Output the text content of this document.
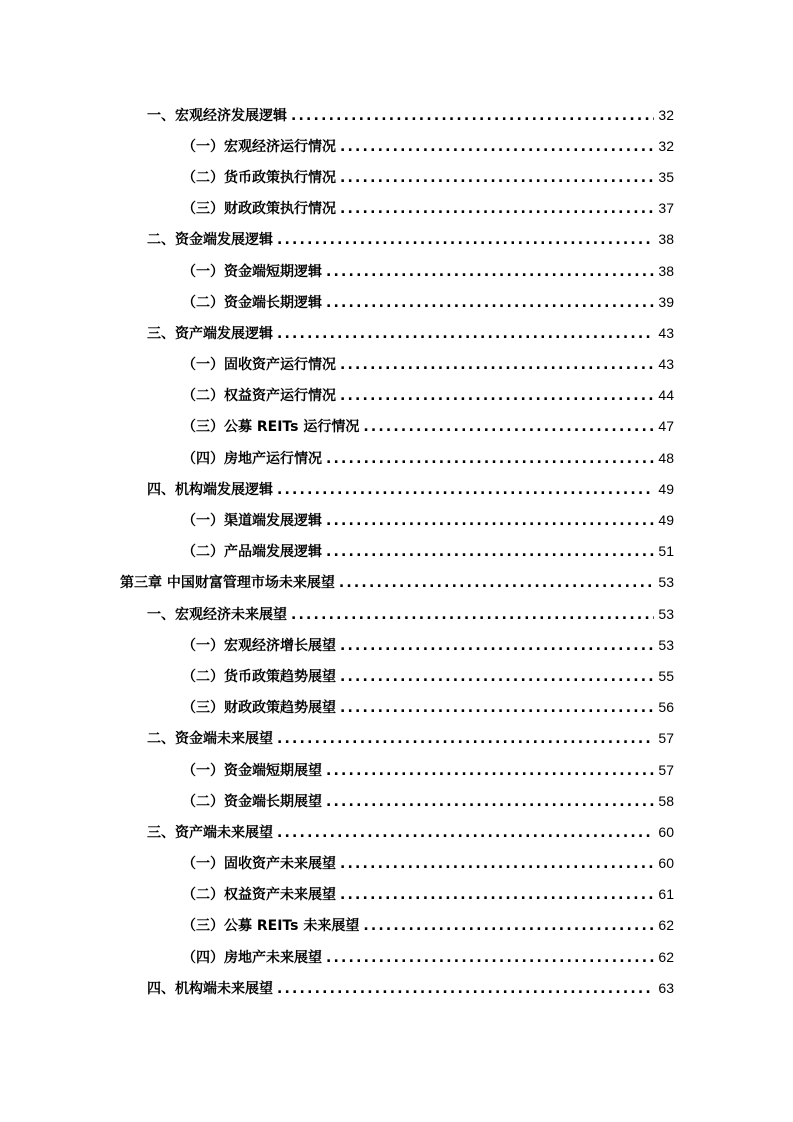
一、宏观经济发展逻辑 .....	32
（一）宏观经济运行情况 .....	32
（二）货币政策执行情况 .....	35
（三）财政政策执行情况 .....	37
二、资金端发展逻辑 .....	38
（一）资金端短期逻辑 .....	38
（二）资金端长期逻辑 .....	39
三、资产端发展逻辑 .....	43
（一）固收资产运行情况 .....	43
（二）权益资产运行情况 .....	44
（三）公募 REITs 运行情况 .....	47
（四）房地产运行情况 .....	48
四、机构端发展逻辑 .....	49
（一）渠道端发展逻辑 .....	49
（二）产品端发展逻辑 .....	51
第三章 中国财富管理市场未来展望 .....	53
一、宏观经济未来展望 .....	53
（一）宏观经济增长展望 .....	53
（二）货币政策趋势展望 .....	55
（三）财政政策趋势展望 .....	56
二、资金端未来展望 .....	57
（一）资金端短期展望 .....	57
（二）资金端长期展望 .....	58
三、资产端未来展望 .....	60
（一）固收资产未来展望 .....	60
（二）权益资产未来展望 .....	61
（三）公募 REITs 未来展望 .....	62
（四）房地产未来展望 .....	62
四、机构端未来展望 .....	63
